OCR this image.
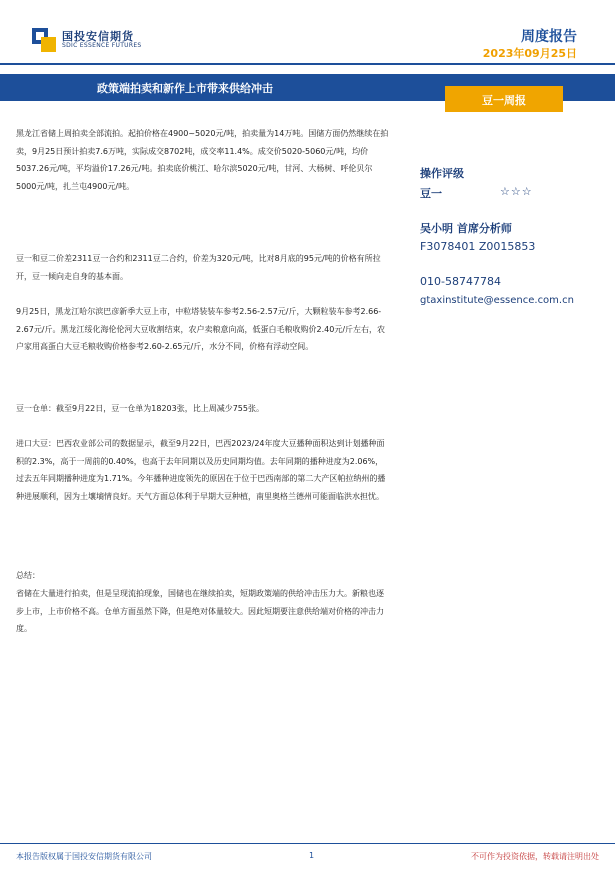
国投安信期货
SDIC ESSENCE FUTURES
周度报告
2023年09月25日
政策端拍卖和新作上市带来供给冲击
豆一周报

黑龙江省储上周拍卖全部流拍。起拍价格在4900~5020元/吨，拍卖量为14万吨。国储方面仍然继续在拍卖，9月25日预计拍卖7.6万吨，实际成交8702吨，成交率11.4%。成交价5020-5060元/吨，均价5037.26元/吨，平均溢价17.26元/吨。拍卖底价桃江、哈尔滨5020元/吨，甘河、大杨树、呼伦贝尔5000元/吨，扎兰屯4900元/吨。

豆一和豆二价差2311豆一合约和2311豆二合约，价差为320元/吨，比对8月底的95元/吨的价格有所拉开，豆一倾向走自身的基本面。

9月25日，黑龙江哈尔滨巴彦新季大豆上市，中粒塔装装车参考2.56-2.57元/斤，大颗粒装车参考2.66-2.67元/斤。黑龙江绥化海伦伦河大豆收割结束，农户卖粮意向高，低蛋白毛粮收购价2.40元/斤左右，农户家用高蛋白大豆毛粮收购价格参考2.60-2.65元/斤，水分不同，价格有浮动空间。

豆一仓单：截至9月22日，豆一仓单为18203张，比上周减少755张。

进口大豆：巴西农业部公司的数据显示，截至9月22日，巴西2023/24年度大豆播种面积达到计划播种面积的2.3%，高于一周前的0.40%，也高于去年同期以及历史同期均值。去年同期的播种进度为2.06%，过去五年同期播种进度为1.71%。今年播种进度领先的原因在于位于巴西南部的第二大产区帕拉纳州的播种进展顺利，因为土壤墒情良好。天气方面总体利于早期大豆种植，南里奥格兰德州可能面临洪水担忧。

总结：

省储在大量进行拍卖，但是呈现流拍现象，国储也在继续拍卖，短期政策端的供给冲击压力大。新粮也逐步上市，上市价格不高。仓单方面虽然下降，但是绝对体量较大。因此短期要注意供给端对价格的冲击力度。

操作评级
豆一	☆☆☆
吴小明 首席分析师
F3078401 Z0015853
010-58747784
gtaxinstitute@essence.com.cn
本报告版权属于国投安信期货有限公司	1	不可作为投资依据，转载请注明出处
